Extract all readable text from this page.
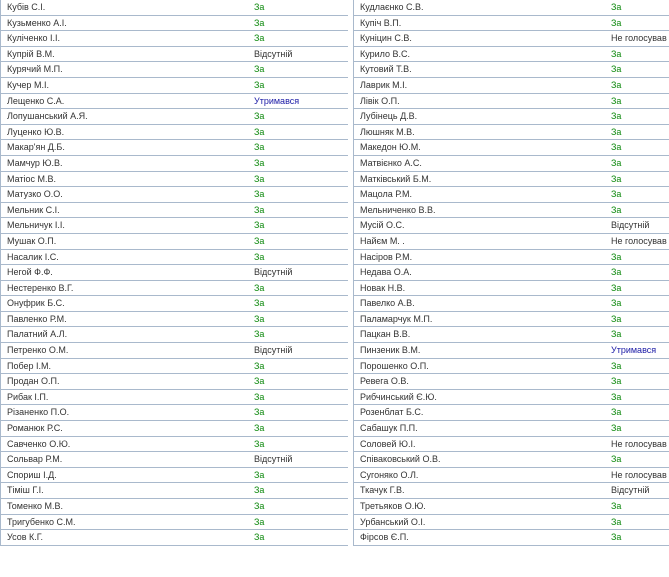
Кубів С.І.	За
Кузьменко А.І.	За
Куліченко І.І.	За
Купрій В.М.	Відсутній
Курячий М.П.	За
Кучер М.І.	За
Лещенко С.А.	Утримався
Лопушанський А.Я.	За
Луценко Ю.В.	За
Макар'ян Д.Б.	За
Мамчур Ю.В.	За
Матіос М.В.	За
Матузко О.О.	За
Мельник С.І.	За
Мельничук І.І.	За
Мушак О.П.	За
Насалик І.С.	За
Негой Ф.Ф.	Відсутній
Нестеренко В.Г.	За
Онуфрик Б.С.	За
Павленко Р.М.	За
Палатний А.Л.	За
Петренко О.М.	Відсутній
Побер І.М.	За
Продан О.П.	За
Рибак І.П.	За
Різаненко П.О.	За
Романюк Р.С.	За
Савченко О.Ю.	За
Сольвар Р.М.	Відсутній
Спориш І.Д.	За
Тіміш Г.І.	За
Томенко М.В.	За
Тригубенко С.М.	За
Усов К.Г.	За
Кудлаєнко С.В.	За
Купіч В.П.	За
Куніцин С.В.	Не голосував
Курило В.С.	За
Кутовий Т.В.	За
Лаврик М.І.	За
Лівік О.П.	За
Лубінець Д.В.	За
Люшняк М.В.	За
Македон Ю.М.	За
Матвієнко А.С.	За
Матківський Б.М.	За
Мацола Р.М.	За
Мельниченко В.В.	За
Мусій О.С.	Відсутній
Найєм М. .	Не голосував
Насіров Р.М.	За
Недава О.А.	За
Новак Н.В.	За
Павелко А.В.	За
Паламарчук М.П.	За
Пацкан В.В.	За
Пинзеник В.М.	Утримався
Порошенко О.П.	За
Ревега О.В.	За
Рибчинський Є.Ю.	За
Розенблат Б.С.	За
Сабашук П.П.	За
Соловей Ю.І.	Не голосував
Співаковський О.В.	За
Сугоняко О.Л.	Не голосував
Ткачук Г.В.	Відсутній
Третьяков О.Ю.	За
Урбанський О.І.	За
Фірсов Є.П.	За
